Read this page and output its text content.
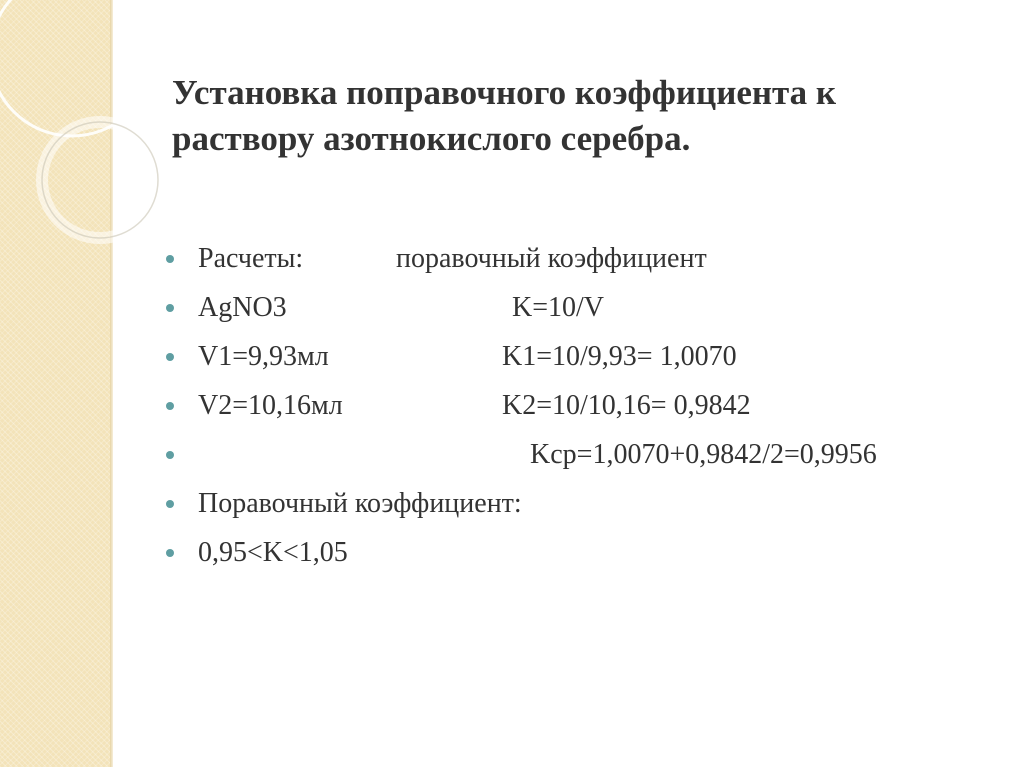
Установка поправочного коэффициента к раствору азотнокислого серебра.
Расчеты:	поравочный коэффициент
AgNO3	K=10/V
V1=9,93мл	K1=10/9,93= 1,0070
V2=10,16мл	K2=10/10,16= 0,9842
Kср=1,0070+0,9842/2=0,9956
Поравочный коэффициент:
0,95<K<1,05
